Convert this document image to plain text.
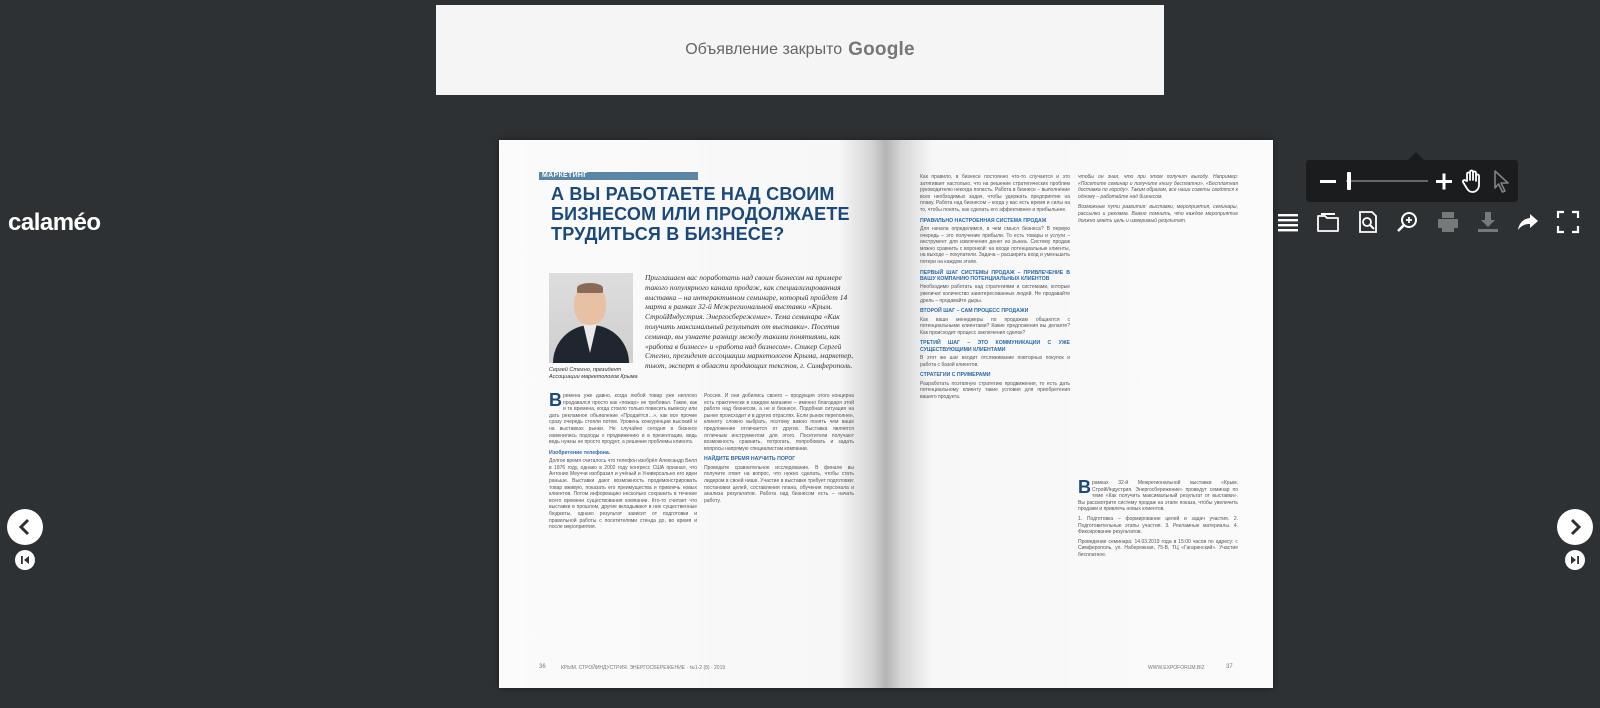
Объявление закрыто Google
calaméo
МАРКЕТИНГ
А ВЫ РАБОТАЕТЕ НАД СВОИМ БИЗНЕСОМ ИЛИ ПРОДОЛЖАЕТЕ ТРУДИТЬСЯ В БИЗНЕСЕ?
Сергей Стегно, президент Ассоциации маркетологов Крыма
Приглашаем вас поработать над своим бизнесом на примере такого популярного канала продаж, как специализированная выставка – на интерактивном семинаре, который пройдет 14 марта в рамках 32-й Межрегиональной выставки «Крым. СтройИндустрия. Энергосбережение». Тема семинара «Как получить максимальный результат от выставки». Посетив семинар, вы узнаете разницу между такими понятиями, как «работа в бизнесе» и «работа над бизнесом». Спикер Сергей Стегно, президент ассоциации маркетологов Крыма, маркетер, тьют, эксперт в области продающих текстов, г. Симферополь.
В ремена уже давно, когда любой товар уже неплохо продавался просто как «пожар» не требовал. Такие, как и те времена, когда стоило только повесить вывеску или дать рекламное объявление «Продаётся…», как все прочие сразу очередь стояли потом. Уровень конкуренции высокий и на выставках рынки. Не случайно сегодня в бизнесе изменились подходы к продвижению и в презентации, ведь ведь нужны не просто продукт, а решение проблемы клиента.
Изобретение телефона.
Долгое время считалось что телефон изобрёл Александр Белл в 1876 году, однако в 2002 году конгресс США признал, что Антонио Меуччи изобразил и учёный и Универсально его идеи раньше. Выставки дают возможность продемонстрировать товар вживую, показать его преимущества и привлечь новых клиентов. Потом информацию несколько сохранить в течение всего времени существования компании. Кто-то считает что выставки в прошлом, другие вкладывают в них существенные бюджеты, однако результат зависит от подготовки и правильной работы с посетителями стенда до, во время и после мероприятия.
Россия. И они добились своего – продукция этого концерна есть практически в каждом магазине – именно благодаря этой работе над бизнесом, а не в бизнесе. Подобная ситуация на рынке происходит и в других отраслях. Если рынок переполнен, клиенту сложно выбрать, поэтому важно понять чем ваше предложение отличается от других. Выставка является отличным инструментом для этого. Посетители получают возможность сравнить, потрогать, попробовать и задать вопросы напрямую специалистам компании.
НАЙДИТЕ ВРЕМЯ НАУЧИТЬ ПОРОГ
Проведите сравнительное исследование. В финале вы получите ответ на вопрос, что нужно сделать, чтобы стать лидером в своей нише. Участие в выставке требует подготовки: постановки целей, составления плана, обучения персонала и анализа результатов. Работа над бизнесом есть – начать работу.
36	КРЫМ. СТРОЙИНДУСТРИЯ. ЭНЕРГОСБЕРЕЖЕНИЕ · №1-2 (8) · 2019
Как правило, в бизнесе постоянно что-то случается и это затягивает настолько, что на решение стратегических проблем руководителю некогда попасть. Работа в бизнесе – выполнение всех необходимых задач, чтобы удержать предприятие на плаву. Работа над бизнесом – когда у вас есть время и силы на то, чтобы понять, как сделать его эффективнее и прибыльнее.
ПРАВИЛЬНО НАСТРОЕННАЯ СИСТЕМА ПРОДАЖ
Для начала определимся, в чем смысл бизнеса? В первую очередь – это получение прибыли. То есть товары и услуги – инструмент для извлечения денег из рынка. Систему продаж можно сравнить с воронкой: на входе потенциальные клиенты, на выходе – покупатели. Задача – расширить вход и уменьшить потери на каждом этапе.
ПЕРВЫЙ ШАГ СИСТЕМЫ ПРОДАЖ – ПРИВЛЕЧЕНИЕ В ВАШУ КОМПАНИЮ ПОТЕНЦИАЛЬНЫХ КЛИЕНТОВ
Необходимо работать над стратегиями и системами, которые увеличат количество заинтересованных людей. Не продавайте дрель – продавайте дыры.
ВТОРОЙ ШАГ – САМ ПРОЦЕСС ПРОДАЖИ
Как ваши менеджеры по продажам общаются с потенциальными клиентами? Какие предложения вы делаете? Как происходит процесс заключения сделок?
ТРЕТИЙ ШАГ – ЭТО КОММУНИКАЦИИ С УЖЕ СУЩЕСТВУЮЩИМИ КЛИЕНТАМИ
В этот же шаг входит отслеживание повторных покупок и работа с базой клиентов.
СТРАТЕГИИ С ПРИМЕРАМИ
Разработать поэтапную стратегию продвижения, то есть дать потенциальному клиенту такие условия для приобретения вашего продукта.
чтобы он знал, что при этом получит выгоду. Например: «Посетите семинар и получите книгу бесплатно», «Бесплатная доставка по городу». Таким образом, все наши советы сводятся к одному – работайте над бизнесом.
Возможные пути развития: выставки, мероприятия, семинары, рассылки и реклама. Важно помнить, что каждое мероприятие должно иметь цель и измеримый результат.
В рамках 32-й Межрегиональной выставки «Крым. СтройИндустрия. Энергосбережение» проведут семинар по теме «Как получить максимальный результат от выставки». Вы рассмотрите систему продаж на этапе показа, чтобы увеличить продажи и привлечь новых клиентов.
1. Подготовка – формирование целей и задач участия. 2. Подготовительные этапы участия. 3. Рекламные материалы. 4. Фиксирование результатов.
Проведение семинара: 14.03.2019 года в 15:00 часов по адресу: г. Симферополь, ул. Набережная, 75-В, ТЦ «Гагаринский». Участие бесплатное.
WWW.EXPOFORUM.BIZ	37
